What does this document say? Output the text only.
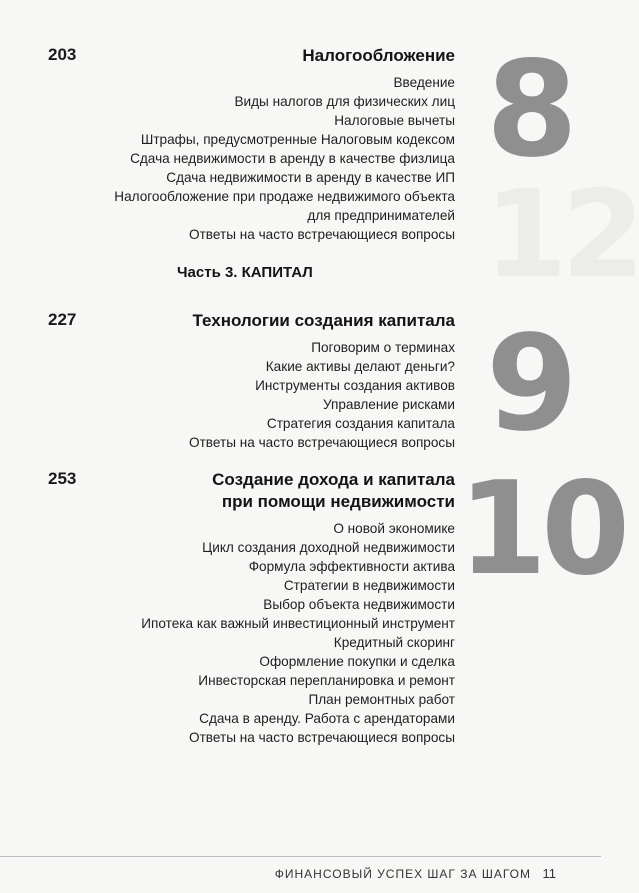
8

12

9

10

203	Налогообложение
Введение
Виды налогов для физических лиц
Налоговые вычеты
Штрафы, предусмотренные Налоговым кодексом
Сдача недвижимости в аренду в качестве физлица
Сдача недвижимости в аренду в качестве ИП
Налогообложение при продаже недвижимого объекта
для предпринимателей
Ответы на часто встречающиеся вопросы
Часть 3. КАПИТАЛ
227	Технологии создания капитала
Поговорим о терминах
Какие активы делают деньги?
Инструменты создания активов
Управление рисками
Стратегия создания капитала
Ответы на часто встречающиеся вопросы
253	Создание дохода и капитала
при помощи недвижимости
О новой экономике
Цикл создания доходной недвижимости
Формула эффективности актива
Стратегии в недвижимости
Выбор объекта недвижимости
Ипотека как важный инвестиционный инструмент
Кредитный скоринг
Оформление покупки и сделка
Инвесторская перепланировка и ремонт
План ремонтных работ
Сдача в аренду. Работа с арендаторами
Ответы на часто встречающиеся вопросы
ФИНАНСОВЫЙ УСПЕХ ШАГ ЗА ШАГОМ 11
